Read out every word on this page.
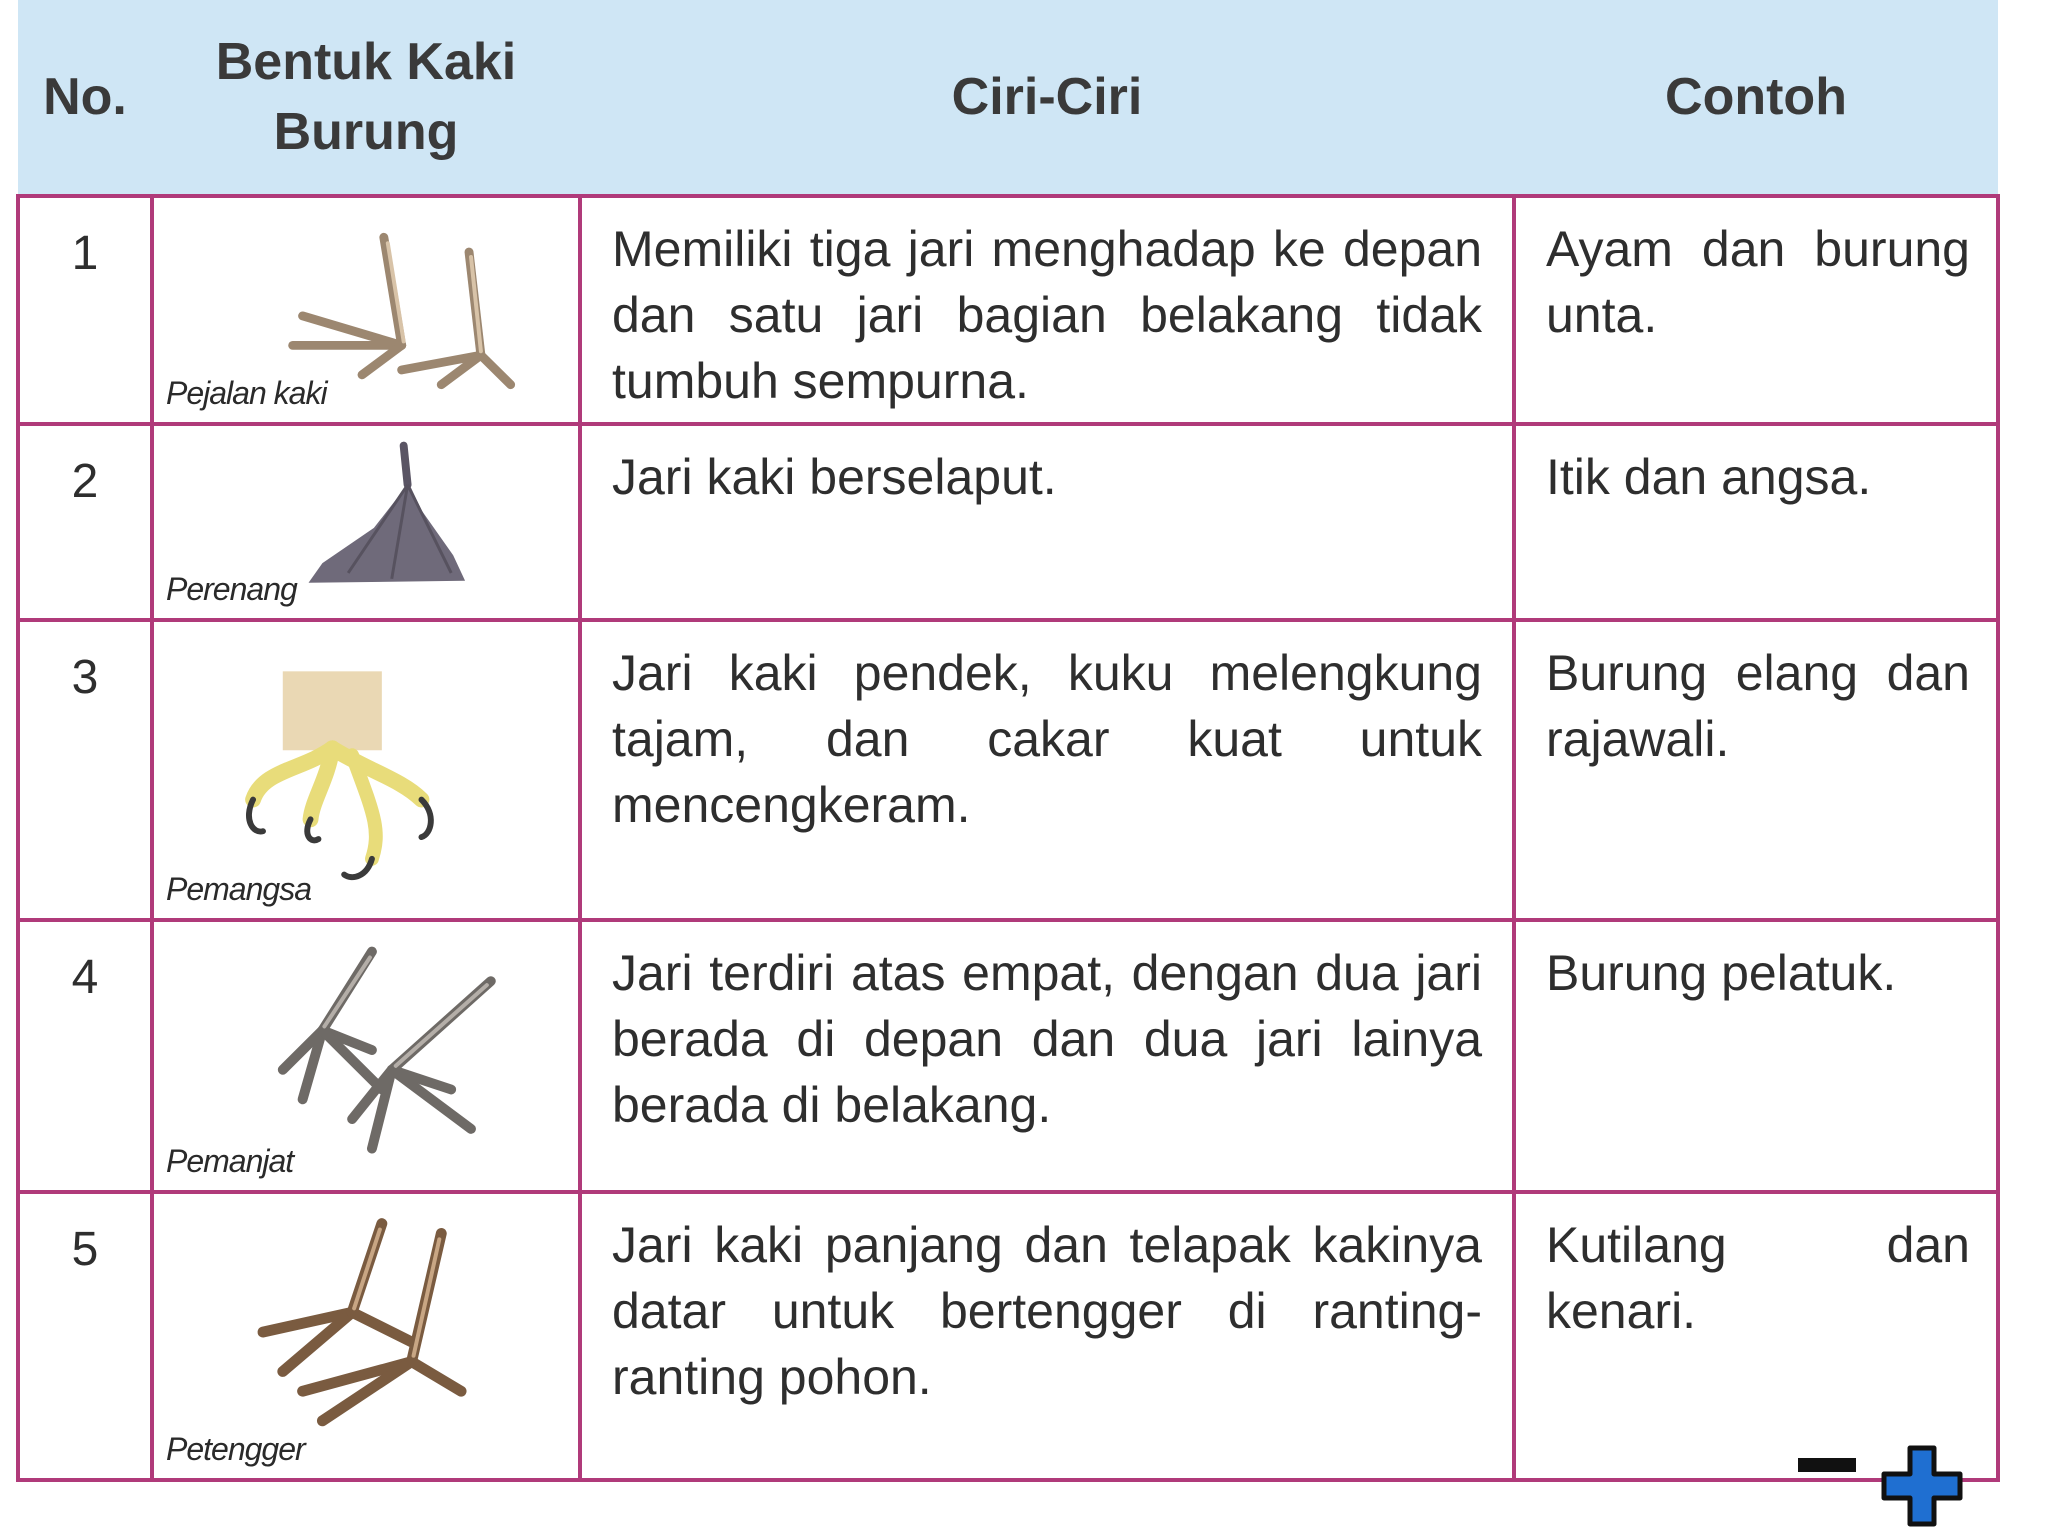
No.	Bentuk Kaki Burung	Ciri-Ciri	Contoh
1	Pejalan kaki	Memiliki tiga jari menghadap ke depan dan satu jari bagian belakang tidak tumbuh sempurna.	Ayam dan burung unta.
2	Perenang	Jari kaki berselaput.	Itik dan angsa.
3	Pemangsa	Jari kaki pendek, kuku melengkung tajam, dan cakar kuat untuk mencengkeram.	Burung elang dan rajawali.
4	Pemanjat	Jari terdiri atas empat, dengan dua jari berada di depan dan dua jari lainya berada di belakang.	Burung pelatuk.
5	Petengger	Jari kaki panjang dan telapak kakinya datar untuk bertengger di ranting-ranting pohon.	Kutilang dan kenari.
